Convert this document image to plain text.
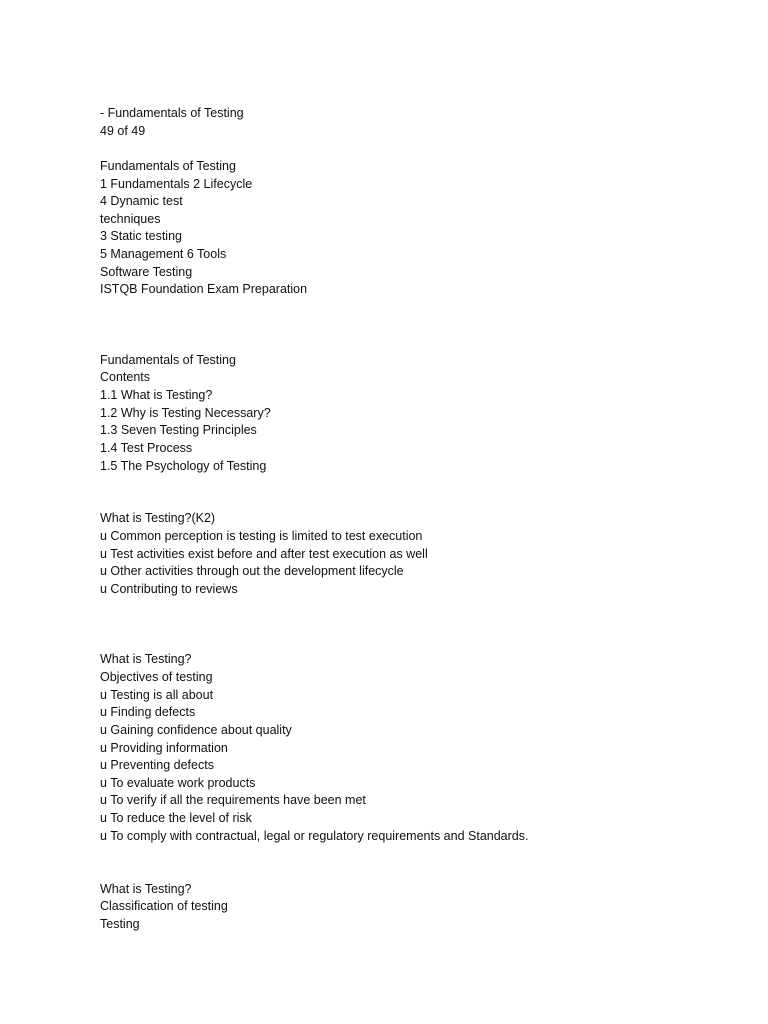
- Fundamentals of Testing
49 of 49
Fundamentals of Testing
1 Fundamentals 2 Lifecycle
4 Dynamic test
techniques
3 Static testing
5 Management 6 Tools
Software Testing
ISTQB Foundation Exam Preparation
Fundamentals of Testing
Contents
1.1 What is Testing?
1.2 Why is Testing Necessary?
1.3 Seven Testing Principles
1.4 Test Process
1.5 The Psychology of Testing
What is Testing?(K2)
u Common perception is testing is limited to test execution
u Test activities exist before and after test execution as well
u Other activities through out the development lifecycle
u Contributing to reviews
What is Testing?
Objectives of testing
u Testing is all about
u Finding defects
u Gaining confidence about quality
u Providing information
u Preventing defects
u To evaluate work products
u To verify if all the requirements have been met
u To reduce the level of risk
u To comply with contractual, legal or regulatory requirements and Standards.
What is Testing?
Classification of testing
Testing
